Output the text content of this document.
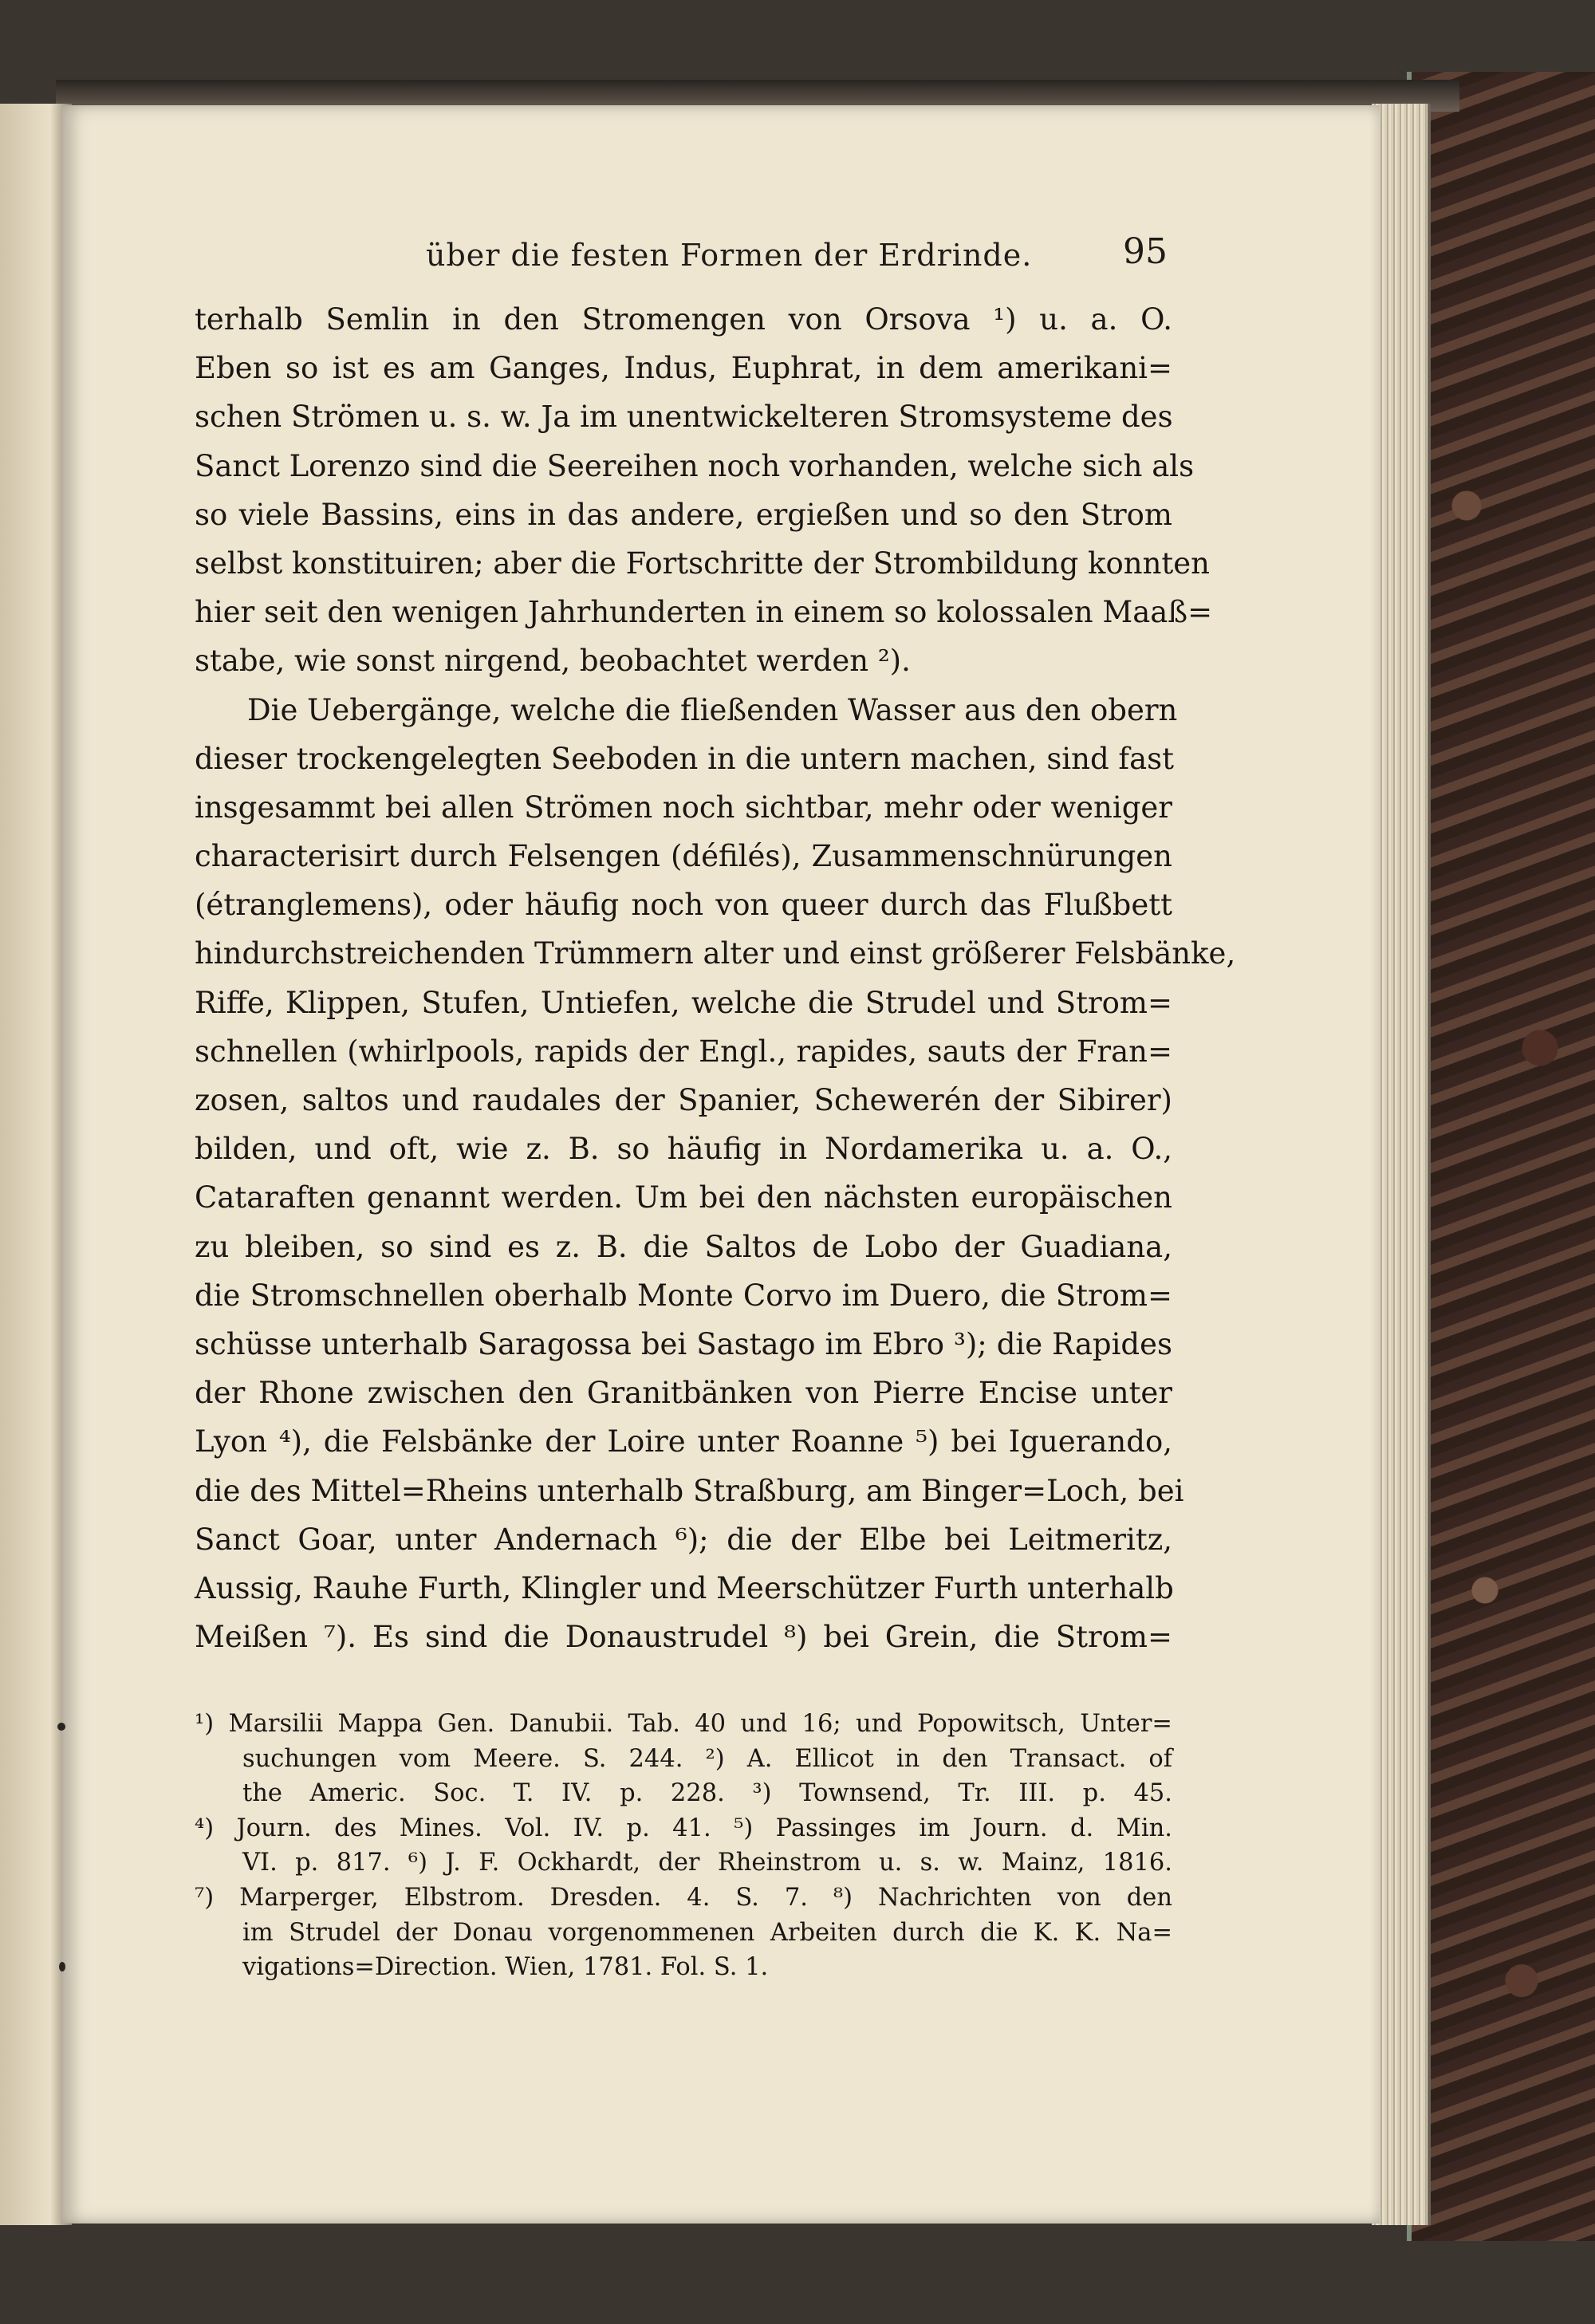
über die festen Formen der Erdrinde.	95
terhalb Semlin in den Stromengen von Orsova ¹) u. a. O.
Eben so ist es am Ganges, Indus, Euphrat, in dem amerikani=
schen Strömen u. s. w. Ja im unentwickelteren Stromsysteme des
Sanct Lorenzo sind die Seereihen noch vorhanden, welche sich als
so viele Bassins, eins in das andere, ergießen und so den Strom
selbst konstituiren; aber die Fortschritte der Strombildung konnten
hier seit den wenigen Jahrhunderten in einem so kolossalen Maaß=
stabe, wie sonst nirgend, beobachtet werden ²).
Die Uebergänge, welche die fließenden Wasser aus den obern
dieser trockengelegten Seeboden in die untern machen, sind fast
insgesammt bei allen Strömen noch sichtbar, mehr oder weniger
characterisirt durch Felsengen (défilés), Zusammenschnürungen
(étranglemens), oder häufig noch von queer durch das Flußbett
hindurchstreichenden Trümmern alter und einst größerer Felsbänke,
Riffe, Klippen, Stufen, Untiefen, welche die Strudel und Strom=
schnellen (whirlpools, rapids der Engl., rapides, sauts der Fran=
zosen, saltos und raudales der Spanier, Schewerén der Sibirer)
bilden, und oft, wie z. B. so häufig in Nordamerika u. a. O.,
Cataraften genannt werden. Um bei den nächsten europäischen
zu bleiben, so sind es z. B. die Saltos de Lobo der Guadiana,
die Stromschnellen oberhalb Monte Corvo im Duero, die Strom=
schüsse unterhalb Saragossa bei Sastago im Ebro ³); die Rapides
der Rhone zwischen den Granitbänken von Pierre Encise unter
Lyon ⁴), die Felsbänke der Loire unter Roanne ⁵) bei Iguerando,
die des Mittel=Rheins unterhalb Straßburg, am Binger=Loch, bei
Sanct Goar, unter Andernach ⁶); die der Elbe bei Leitmeritz,
Aussig, Rauhe Furth, Klingler und Meerschützer Furth unterhalb
Meißen ⁷). Es sind die Donaustrudel ⁸) bei Grein, die Strom=
¹) Marsilii Mappa Gen. Danubii. Tab. 40 und 16; und Popowitsch, Unter=
suchungen vom Meere. S. 244. ²) A. Ellicot in den Transact. of
the Americ. Soc. T. IV. p. 228. ³) Townsend, Tr. III. p. 45.
⁴) Journ. des Mines. Vol. IV. p. 41. ⁵) Passinges im Journ. d. Min.
VI. p. 817. ⁶) J. F. Ockhardt, der Rheinstrom u. s. w. Mainz, 1816.
⁷) Marperger, Elbstrom. Dresden. 4. S. 7. ⁸) Nachrichten von den
im Strudel der Donau vorgenommenen Arbeiten durch die K. K. Na=
vigations=Direction. Wien, 1781. Fol. S. 1.
